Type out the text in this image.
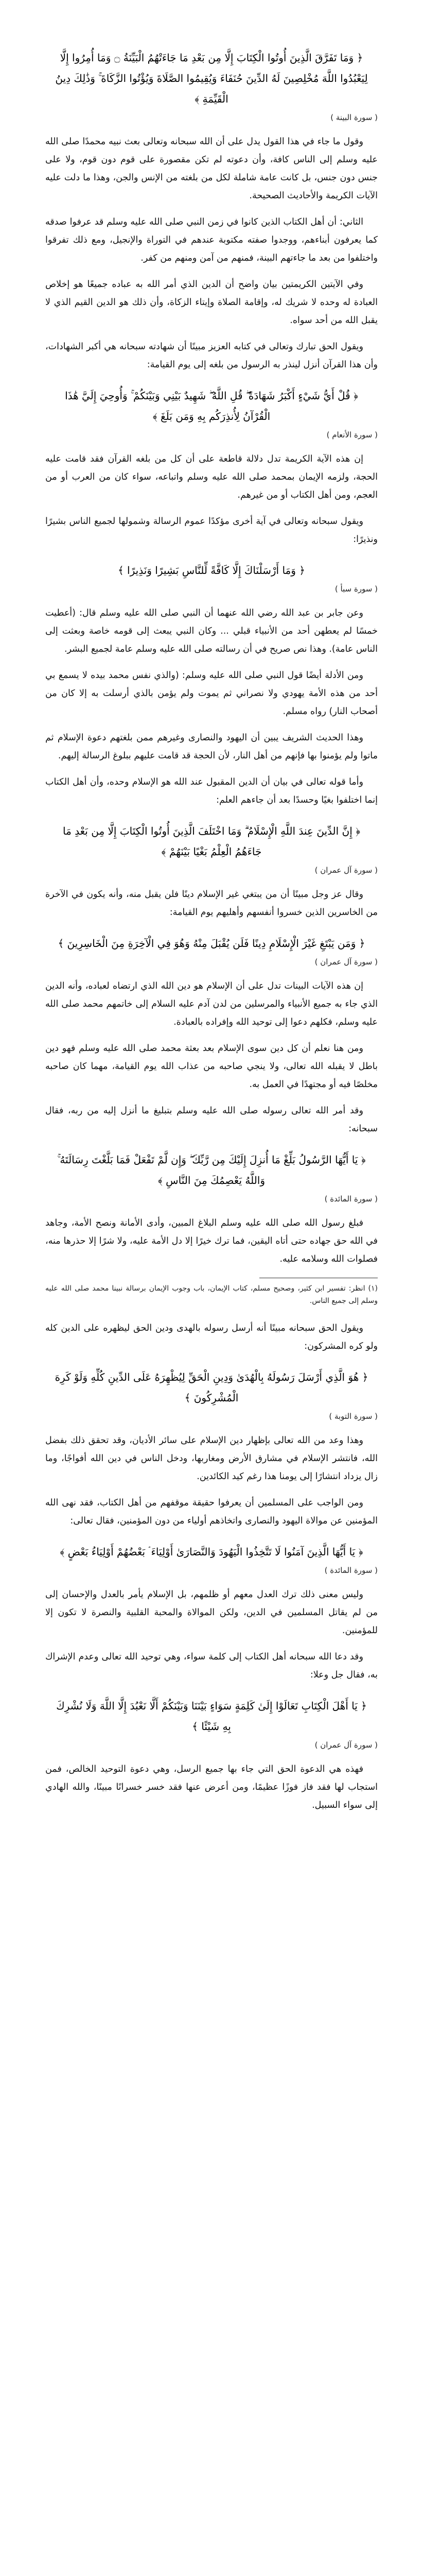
﴿ وَمَا تَفَرَّقَ الَّذِينَ أُوتُوا الْكِتَابَ إِلَّا مِن بَعْدِ مَا جَاءَتْهُمُ الْبَيِّنَةُ ۝ وَمَا أُمِرُوا إِلَّا لِيَعْبُدُوا اللَّهَ مُخْلِصِينَ لَهُ الدِّينَ حُنَفَاءَ وَيُقِيمُوا الصَّلَاةَ وَيُؤْتُوا الزَّكَاةَ ۚ وَذَٰلِكَ دِينُ الْقَيِّمَةِ ﴾
( سورة البينة )

وقول ما جاء في هذا القول يدل على أن الله سبحانه وتعالى بعث نبيه محمدًا صلى الله عليه وسلم إلى الناس كافة، وأن دعوته لم تكن مقصورة على قوم دون قوم، ولا على جنس دون جنس، بل كانت عامة شاملة لكل من بلغته من الإنس والجن، وهذا ما دلت عليه الآيات الكريمة والأحاديث الصحيحة.

الثاني: أن أهل الكتاب الذين كانوا في زمن النبي صلى الله عليه وسلم قد عرفوا صدقه كما يعرفون أبناءهم، ووجدوا صفته مكتوبة عندهم في التوراة والإنجيل، ومع ذلك تفرقوا واختلفوا من بعد ما جاءتهم البينة، فمنهم من آمن ومنهم من كفر.

وفي الآيتين الكريمتين بيان واضح أن الدين الذي أمر الله به عباده جميعًا هو إخلاص العبادة له وحده لا شريك له، وإقامة الصلاة وإيتاء الزكاة، وأن ذلك هو الدين القيم الذي لا يقبل الله من أحد سواه.

ويقول الحق تبارك وتعالى في كتابه العزيز مبينًا أن شهادته سبحانه هي أكبر الشهادات، وأن هذا القرآن أنزل لينذر به الرسول من بلغه إلى يوم القيامة:

﴿ قُلْ أَيُّ شَيْءٍ أَكْبَرُ شَهَادَةً ۖ قُلِ اللَّهُ ۖ شَهِيدٌ بَيْنِي وَبَيْنَكُمْ ۚ وَأُوحِيَ إِلَيَّ هَٰذَا الْقُرْآنُ لِأُنذِرَكُم بِهِ وَمَن بَلَغَ ﴾
( سورة الأنعام )

إن هذه الآية الكريمة تدل دلالة قاطعة على أن كل من بلغه القرآن فقد قامت عليه الحجة، ولزمه الإيمان بمحمد صلى الله عليه وسلم واتباعه، سواء كان من العرب أو من العجم، ومن أهل الكتاب أو من غيرهم.

ويقول سبحانه وتعالى في آية أخرى مؤكدًا عموم الرسالة وشمولها لجميع الناس بشيرًا ونذيرًا:

﴿ وَمَا أَرْسَلْنَاكَ إِلَّا كَافَّةً لِّلنَّاسِ بَشِيرًا وَنَذِيرًا ﴾
( سورة سبأ )

وعن جابر بن عبد الله رضي الله عنهما أن النبي صلى الله عليه وسلم قال: (أعطيت خمسًا لم يعطهن أحد من الأنبياء قبلي ... وكان النبي يبعث إلى قومه خاصة وبعثت إلى الناس عامة). وهذا نص صريح في أن رسالته صلى الله عليه وسلم عامة لجميع البشر.

ومن الأدلة أيضًا قول النبي صلى الله عليه وسلم: (والذي نفس محمد بيده لا يسمع بي أحد من هذه الأمة يهودي ولا نصراني ثم يموت ولم يؤمن بالذي أرسلت به إلا كان من أصحاب النار) رواه مسلم.

وهذا الحديث الشريف يبين أن اليهود والنصارى وغيرهم ممن بلغتهم دعوة الإسلام ثم ماتوا ولم يؤمنوا بها فإنهم من أهل النار، لأن الحجة قد قامت عليهم ببلوغ الرسالة إليهم.

وأما قوله تعالى في بيان أن الدين المقبول عند الله هو الإسلام وحده، وأن أهل الكتاب إنما اختلفوا بغيًا وحسدًا بعد أن جاءهم العلم:

﴿ إِنَّ الدِّينَ عِندَ اللَّهِ الْإِسْلَامُ ۗ وَمَا اخْتَلَفَ الَّذِينَ أُوتُوا الْكِتَابَ إِلَّا مِن بَعْدِ مَا جَاءَهُمُ الْعِلْمُ بَغْيًا بَيْنَهُمْ ﴾
( سورة آل عمران )

وقال عز وجل مبينًا أن من يبتغي غير الإسلام دينًا فلن يقبل منه، وأنه يكون في الآخرة من الخاسرين الذين خسروا أنفسهم وأهليهم يوم القيامة:

﴿ وَمَن يَبْتَغِ غَيْرَ الْإِسْلَامِ دِينًا فَلَن يُقْبَلَ مِنْهُ وَهُوَ فِي الْآخِرَةِ مِنَ الْخَاسِرِينَ ﴾
( سورة آل عمران )

إن هذه الآيات البينات تدل على أن الإسلام هو دين الله الذي ارتضاه لعباده، وأنه الدين الذي جاء به جميع الأنبياء والمرسلين من لدن آدم عليه السلام إلى خاتمهم محمد صلى الله عليه وسلم، فكلهم دعوا إلى توحيد الله وإفراده بالعبادة.

ومن هنا نعلم أن كل دين سوى الإسلام بعد بعثة محمد صلى الله عليه وسلم فهو دين باطل لا يقبله الله تعالى، ولا ينجي صاحبه من عذاب الله يوم القيامة، مهما كان صاحبه مخلصًا فيه أو مجتهدًا في العمل به.

وقد أمر الله تعالى رسوله صلى الله عليه وسلم بتبليغ ما أنزل إليه من ربه، فقال سبحانه:

﴿ يَا أَيُّهَا الرَّسُولُ بَلِّغْ مَا أُنزِلَ إِلَيْكَ مِن رَّبِّكَ ۖ وَإِن لَّمْ تَفْعَلْ فَمَا بَلَّغْتَ رِسَالَتَهُ ۚ وَاللَّهُ يَعْصِمُكَ مِنَ النَّاسِ ﴾
( سورة المائدة )

فبلغ رسول الله صلى الله عليه وسلم البلاغ المبين، وأدى الأمانة ونصح الأمة، وجاهد في الله حق جهاده حتى أتاه اليقين، فما ترك خيرًا إلا دل الأمة عليه، ولا شرًا إلا حذرها منه، فصلوات الله وسلامه عليه.

(١) انظر: تفسير ابن كثير، وصحيح مسلم، كتاب الإيمان، باب وجوب الإيمان برسالة نبينا محمد صلى الله عليه وسلم إلى جميع الناس.

ويقول الحق سبحانه مبينًا أنه أرسل رسوله بالهدى ودين الحق ليظهره على الدين كله ولو كره المشركون:

﴿ هُوَ الَّذِي أَرْسَلَ رَسُولَهُ بِالْهُدَىٰ وَدِينِ الْحَقِّ لِيُظْهِرَهُ عَلَى الدِّينِ كُلِّهِ وَلَوْ كَرِهَ الْمُشْرِكُونَ ﴾
( سورة التوبة )

وهذا وعد من الله تعالى بإظهار دين الإسلام على سائر الأديان، وقد تحقق ذلك بفضل الله، فانتشر الإسلام في مشارق الأرض ومغاربها، ودخل الناس في دين الله أفواجًا، وما زال يزداد انتشارًا إلى يومنا هذا رغم كيد الكائدين.

ومن الواجب على المسلمين أن يعرفوا حقيقة موقفهم من أهل الكتاب، فقد نهى الله المؤمنين عن موالاة اليهود والنصارى واتخاذهم أولياء من دون المؤمنين، فقال تعالى:

﴿ يَا أَيُّهَا الَّذِينَ آمَنُوا لَا تَتَّخِذُوا الْيَهُودَ وَالنَّصَارَىٰ أَوْلِيَاءَ ۘ بَعْضُهُمْ أَوْلِيَاءُ بَعْضٍ ﴾
( سورة المائدة )

وليس معنى ذلك ترك العدل معهم أو ظلمهم، بل الإسلام يأمر بالعدل والإحسان إلى من لم يقاتل المسلمين في الدين، ولكن الموالاة والمحبة القلبية والنصرة لا تكون إلا للمؤمنين.

وقد دعا الله سبحانه أهل الكتاب إلى كلمة سواء، وهي توحيد الله تعالى وعدم الإشراك به، فقال جل وعلا:

﴿ يَا أَهْلَ الْكِتَابِ تَعَالَوْا إِلَىٰ كَلِمَةٍ سَوَاءٍ بَيْنَنَا وَبَيْنَكُمْ أَلَّا نَعْبُدَ إِلَّا اللَّهَ وَلَا نُشْرِكَ بِهِ شَيْئًا ﴾
( سورة آل عمران )

فهذه هي الدعوة الحق التي جاء بها جميع الرسل، وهي دعوة التوحيد الخالص، فمن استجاب لها فقد فاز فوزًا عظيمًا، ومن أعرض عنها فقد خسر خسرانًا مبينًا، والله الهادي إلى سواء السبيل.
